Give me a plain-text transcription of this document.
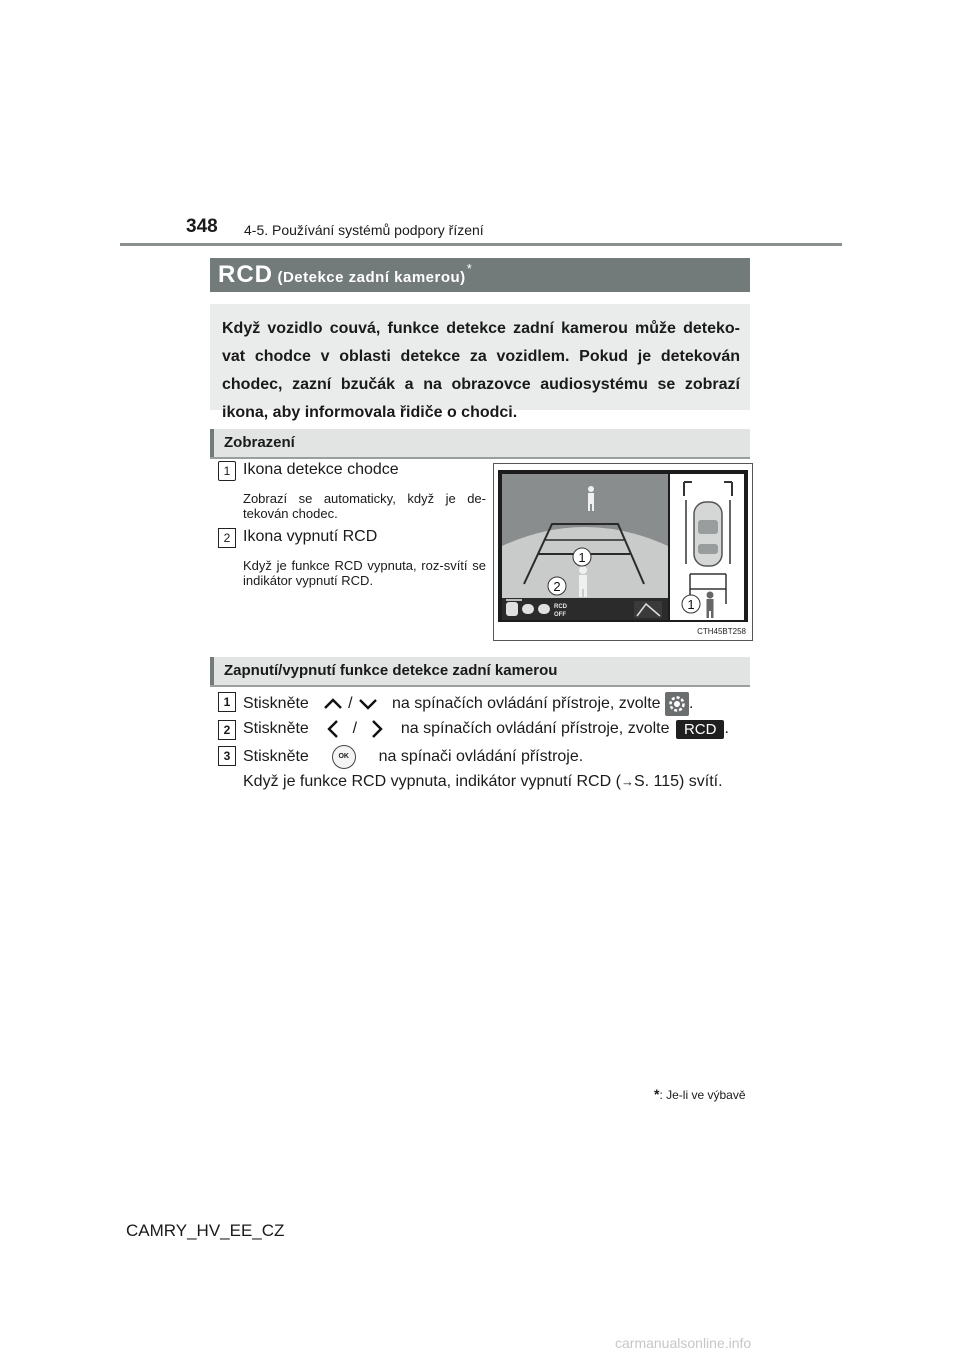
348 4-5. Používání systémů podpory řízení
RCD (Detekce zadní kamerou)*
Když vozidlo couvá, funkce detekce zadní kamerou může deteko-vat chodce v oblasti detekce za vozidlem. Pokud je detekován chodec, zazní bzučák a na obrazovce audiosystému se zobrazí ikona, aby informovala řidiče o chodci.
Zobrazení
1 Ikona detekce chodce
Zobrazí se automaticky, když je de-tekován chodec.
2 Ikona vypnutí RCD
Když je funkce RCD vypnuta, roz-svítí se indikátor vypnutí RCD.
1
2
1
RCD
OFF
CTH45BT258
Zapnutí/vypnutí funkce detekce zadní kamerou
1 Stiskněte / na spínačích ovládání přístroje, zvolte .
2 Stiskněte	/	na spínačích ovládání přístroje, zvolte RCD .
3 Stiskněte	OK na spínači ovládání přístroje.
Když je funkce RCD vypnuta, indikátor vypnutí RCD (→S. 115) svítí.
*: Je-li ve výbavě
CAMRY_HV_EE_CZ
carmanualsonline.info
